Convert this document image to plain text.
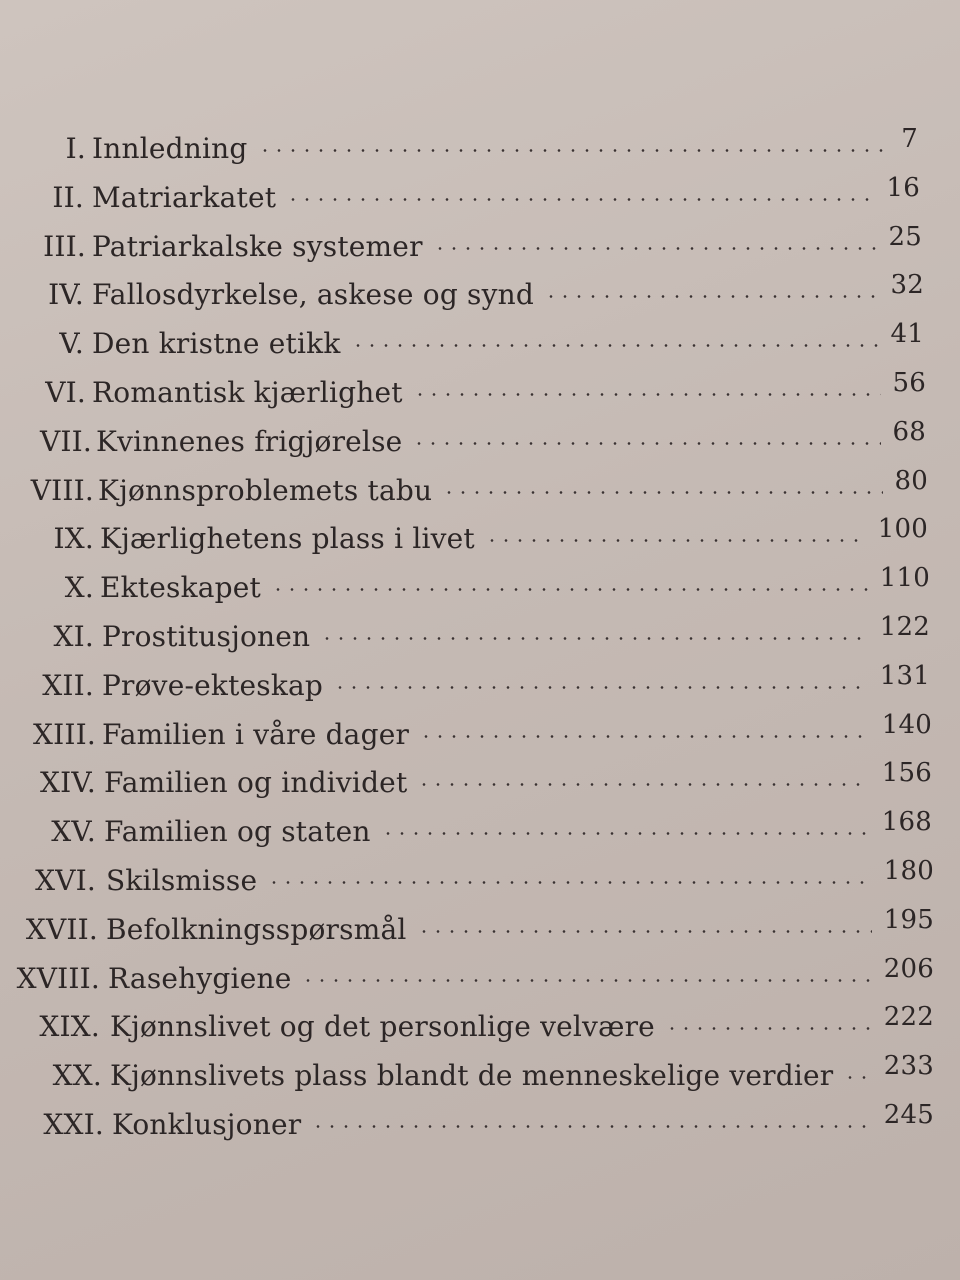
I. Innledning	7
II. Matriarkatet	16
III. Patriarkalske systemer	25
IV. Fallosdyrkelse, askese og synd	32
V. Den kristne etikk	41
VI. Romantisk kjærlighet	56
VII. Kvinnenes frigjørelse	68
VIII. Kjønnsproblemets tabu	80
IX. Kjærlighetens plass i livet	100
X. Ekteskapet	110
XI. Prostitusjonen	122
XII. Prøve-ekteskap	131
XIII. Familien i våre dager	140
XIV. Familien og individet	156
XV. Familien og staten	168
XVI. Skilsmisse	180
XVII. Befolkningsspørsmål	195
XVIII. Rasehygiene	206
XIX. Kjønnslivet og det personlige velvære	222
XX. Kjønnslivets plass blandt de menneskelige verdier 233
XXI. Konklusjoner	245
